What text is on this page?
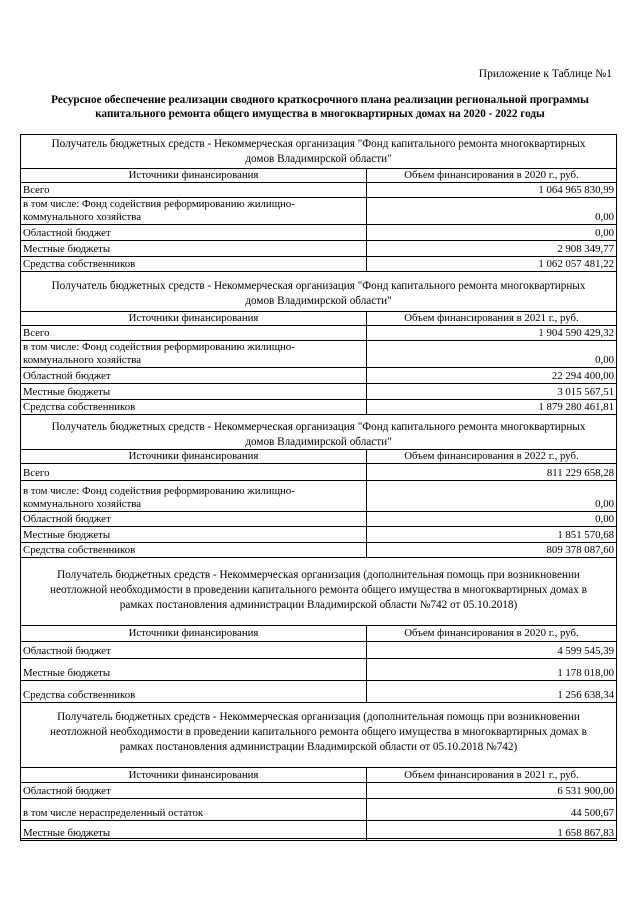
Приложение к Таблице №1
Ресурсное обеспечение реализации сводного краткосрочного плана реализации региональной программы
капитального ремонта общего имущества в многоквартирных домах на 2020 - 2022 годы
Получатель бюджетных средств - Некоммерческая организация "Фонд капитального ремонта многоквартирных
домов Владимирской области"
Источники финансирования	Объем финансирования в 2020 г., руб.
Всего	1 064 965 830,99

в том числе: Фонд содействия реформированию жилищно-
коммунального хозяйства	0,00
Областной бюджет	0,00
Местные бюджеты	2 908 349,77
Средства собственников	1 062 057 481,22
Получатель бюджетных средств - Некоммерческая организация "Фонд капитального ремонта многоквартирных
домов Владимирской области"
Источники финансирования	Объем финансирования в 2021 г., руб.
Всего	1 904 590 429,32

в том числе: Фонд содействия реформированию жилищно-
коммунального хозяйства	0,00
Областной бюджет	22 294 400,00
Местные бюджеты	3 015 567,51
Средства собственников	1 879 280 461,81
Получатель бюджетных средств - Некоммерческая организация "Фонд капитального ремонта многоквартирных
домов Владимирской области"
Источники финансирования	Объем финансирования в 2022 г., руб.
Всего	811 229 658,28

в том числе: Фонд содействия реформированию жилищно-
коммунального хозяйства	0,00
Областной бюджет	0,00
Местные бюджеты	1 851 570,68
Средства собственников	809 378 087,60
Получатель бюджетных средств - Некоммерческая организация (дополнительная помощь при возникновении
неотложной необходимости в проведении капитального ремонта общего имущества в многоквартирных домах в
рамках постановления администрации Владимирской области №742 от 05.10.2018)
Источники финансирования	Объем финансирования в 2020 г., руб.
Областной бюджет	4 599 545,39
Местные бюджеты	1 178 018,00
Средства собственников	1 256 638,34
Получатель бюджетных средств - Некоммерческая организация (дополнительная помощь при возникновении
неотложной необходимости в проведении капитального ремонта общего имущества в многоквартирных домах в
рамках постановления администрации Владимирской области от 05.10.2018 №742)
Источники финансирования	Объем финансирования в 2021 г., руб.
Областной бюджет	6 531 900,00
в том числе нераспределенный остаток	44 500,67
Местные бюджеты	1 658 867,83
